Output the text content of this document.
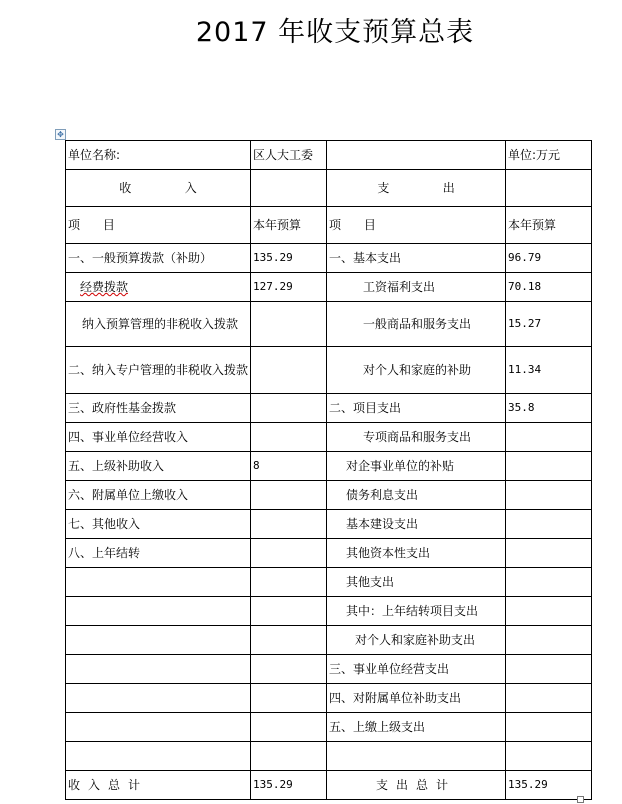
2017 年收支预算总表
✥
单位名称:	区人大工委		单位:万元
收              入		支              出	
项      目	本年预算	项      目	本年预算
一、一般预算拨款（补助）	135.29	一、基本支出	96.79
经费拨款	127.29	工资福利支出	70.18
纳入预算管理的非税收入拨款		一般商品和服务支出	15.27
二、纳入专户管理的非税收入拨款		对个人和家庭的补助	11.34
三、政府性基金拨款		二、项目支出	35.8
四、事业单位经营收入		专项商品和服务支出	
五、上级补助收入	8	对企事业单位的补贴	
六、附属单位上缴收入		债务利息支出	
七、其他收入		基本建设支出	
八、上年结转		其他资本性支出	
		其他支出	
		其中：上年结转项目支出	
		对个人和家庭补助支出	
		三、事业单位经营支出	
		四、对附属单位补助支出	
		五、上缴上级支出	

收入总计	135.29	支出总计	135.29
